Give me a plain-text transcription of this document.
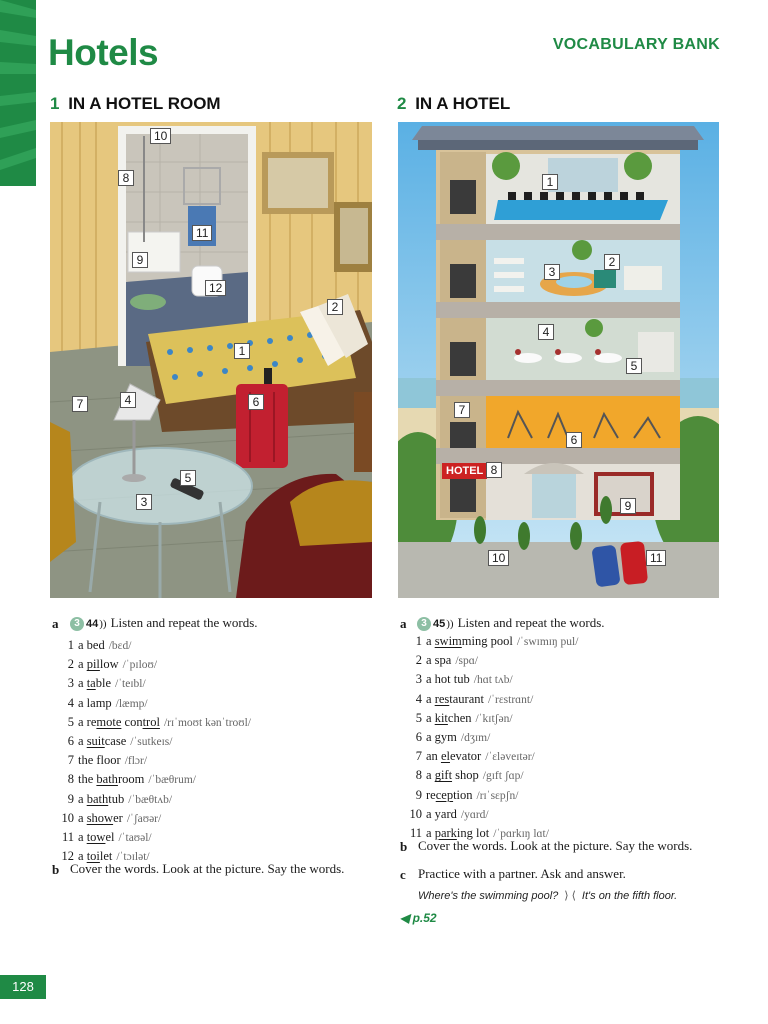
Hotels	VOCABULARY BANK
1 IN A HOTEL ROOM	2 IN A HOTEL
1
2
3
4
5
6
7
8
9
10
11
12
HOTEL
1
2
3
4
5
6
7
8
9
10	11
a	3 44)) Listen and repeat the words.
1 a bed /bɛd/
2 a pillow /ˈpɪloʊ/
3 a table /ˈteɪbl/
4 a lamp /læmp/
5 a remote control /rɪˈmoʊt kənˈtroʊl/
6 a suitcase /ˈsutkeɪs/
7 the floor /flɔr/
8 the bathroom /ˈbæθrum/
9 a bathtub /ˈbæθtʌb/
10 a shower /ˈʃaʊər/
11 a towel /ˈtaʊəl/
12 a toilet /ˈtɔɪlət/
b Cover the words. Look at the picture. Say the words.
a	3 45)) Listen and repeat the words.
1 a swimming pool /ˈswɪmɪŋ pul/
2 a spa /spɑ/
3 a hot tub /hɑt tʌb/
4 a restaurant /ˈrɛstrɑnt/
5 a kitchen /ˈkɪtʃən/
6 a gym /dʒɪm/
7 an elevator /ˈɛləveɪtər/
8 a gift shop /gɪft ʃɑp/
9 reception /rɪˈsɛpʃn/
10 a yard /yɑrd/
11 a parking lot /ˈpɑrkɪŋ lɑt/
b Cover the words. Look at the picture. Say the words.
c Practice with a partner. Ask and answer.
Where's the swimming pool? ⟩ ⟨ It's on the fifth floor.
◀ p.52
128
